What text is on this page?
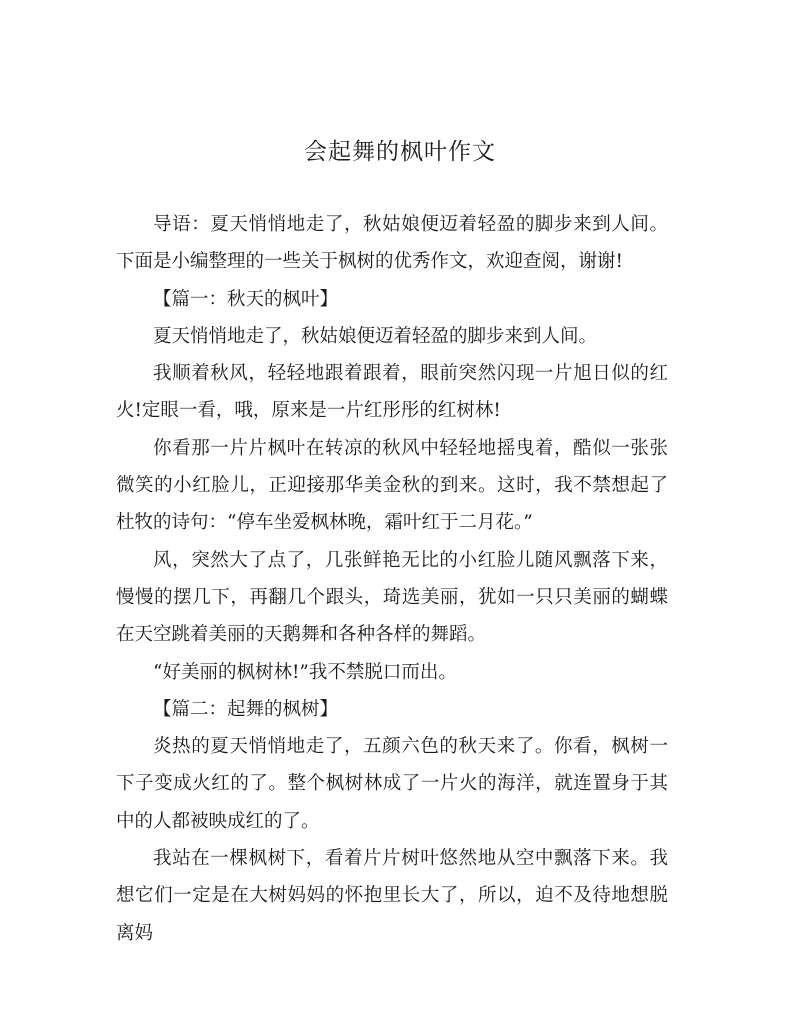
会起舞的枫叶作文

导语：夏天悄悄地走了，秋姑娘便迈着轻盈的脚步来到人间。下面是小编整理的一些关于枫树的优秀作文，欢迎查阅，谢谢!

【篇一：秋天的枫叶】

夏天悄悄地走了，秋姑娘便迈着轻盈的脚步来到人间。

我顺着秋风，轻轻地跟着跟着，眼前突然闪现一片旭日似的红火!定眼一看，哦，原来是一片红彤彤的红树林!

你看那一片片枫叶在转凉的秋风中轻轻地摇曳着，酷似一张张微笑的小红脸儿，正迎接那华美金秋的到来。这时，我不禁想起了杜牧的诗句：“停车坐爱枫林晚，霜叶红于二月花。”

风，突然大了点了，几张鲜艳无比的小红脸儿随风飘落下来，慢慢的摆几下，再翻几个跟头，琦选美丽，犹如一只只美丽的蝴蝶在天空跳着美丽的天鹅舞和各种各样的舞蹈。

“好美丽的枫树林!”我不禁脱口而出。

【篇二：起舞的枫树】

炎热的夏天悄悄地走了，五颜六色的秋天来了。你看，枫树一下子变成火红的了。整个枫树林成了一片火的海洋，就连置身于其中的人都被映成红的了。

我站在一棵枫树下，看着片片树叶悠然地从空中飘落下来。我想它们一定是在大树妈妈的怀抱里长大了，所以，迫不及待地想脱离妈
